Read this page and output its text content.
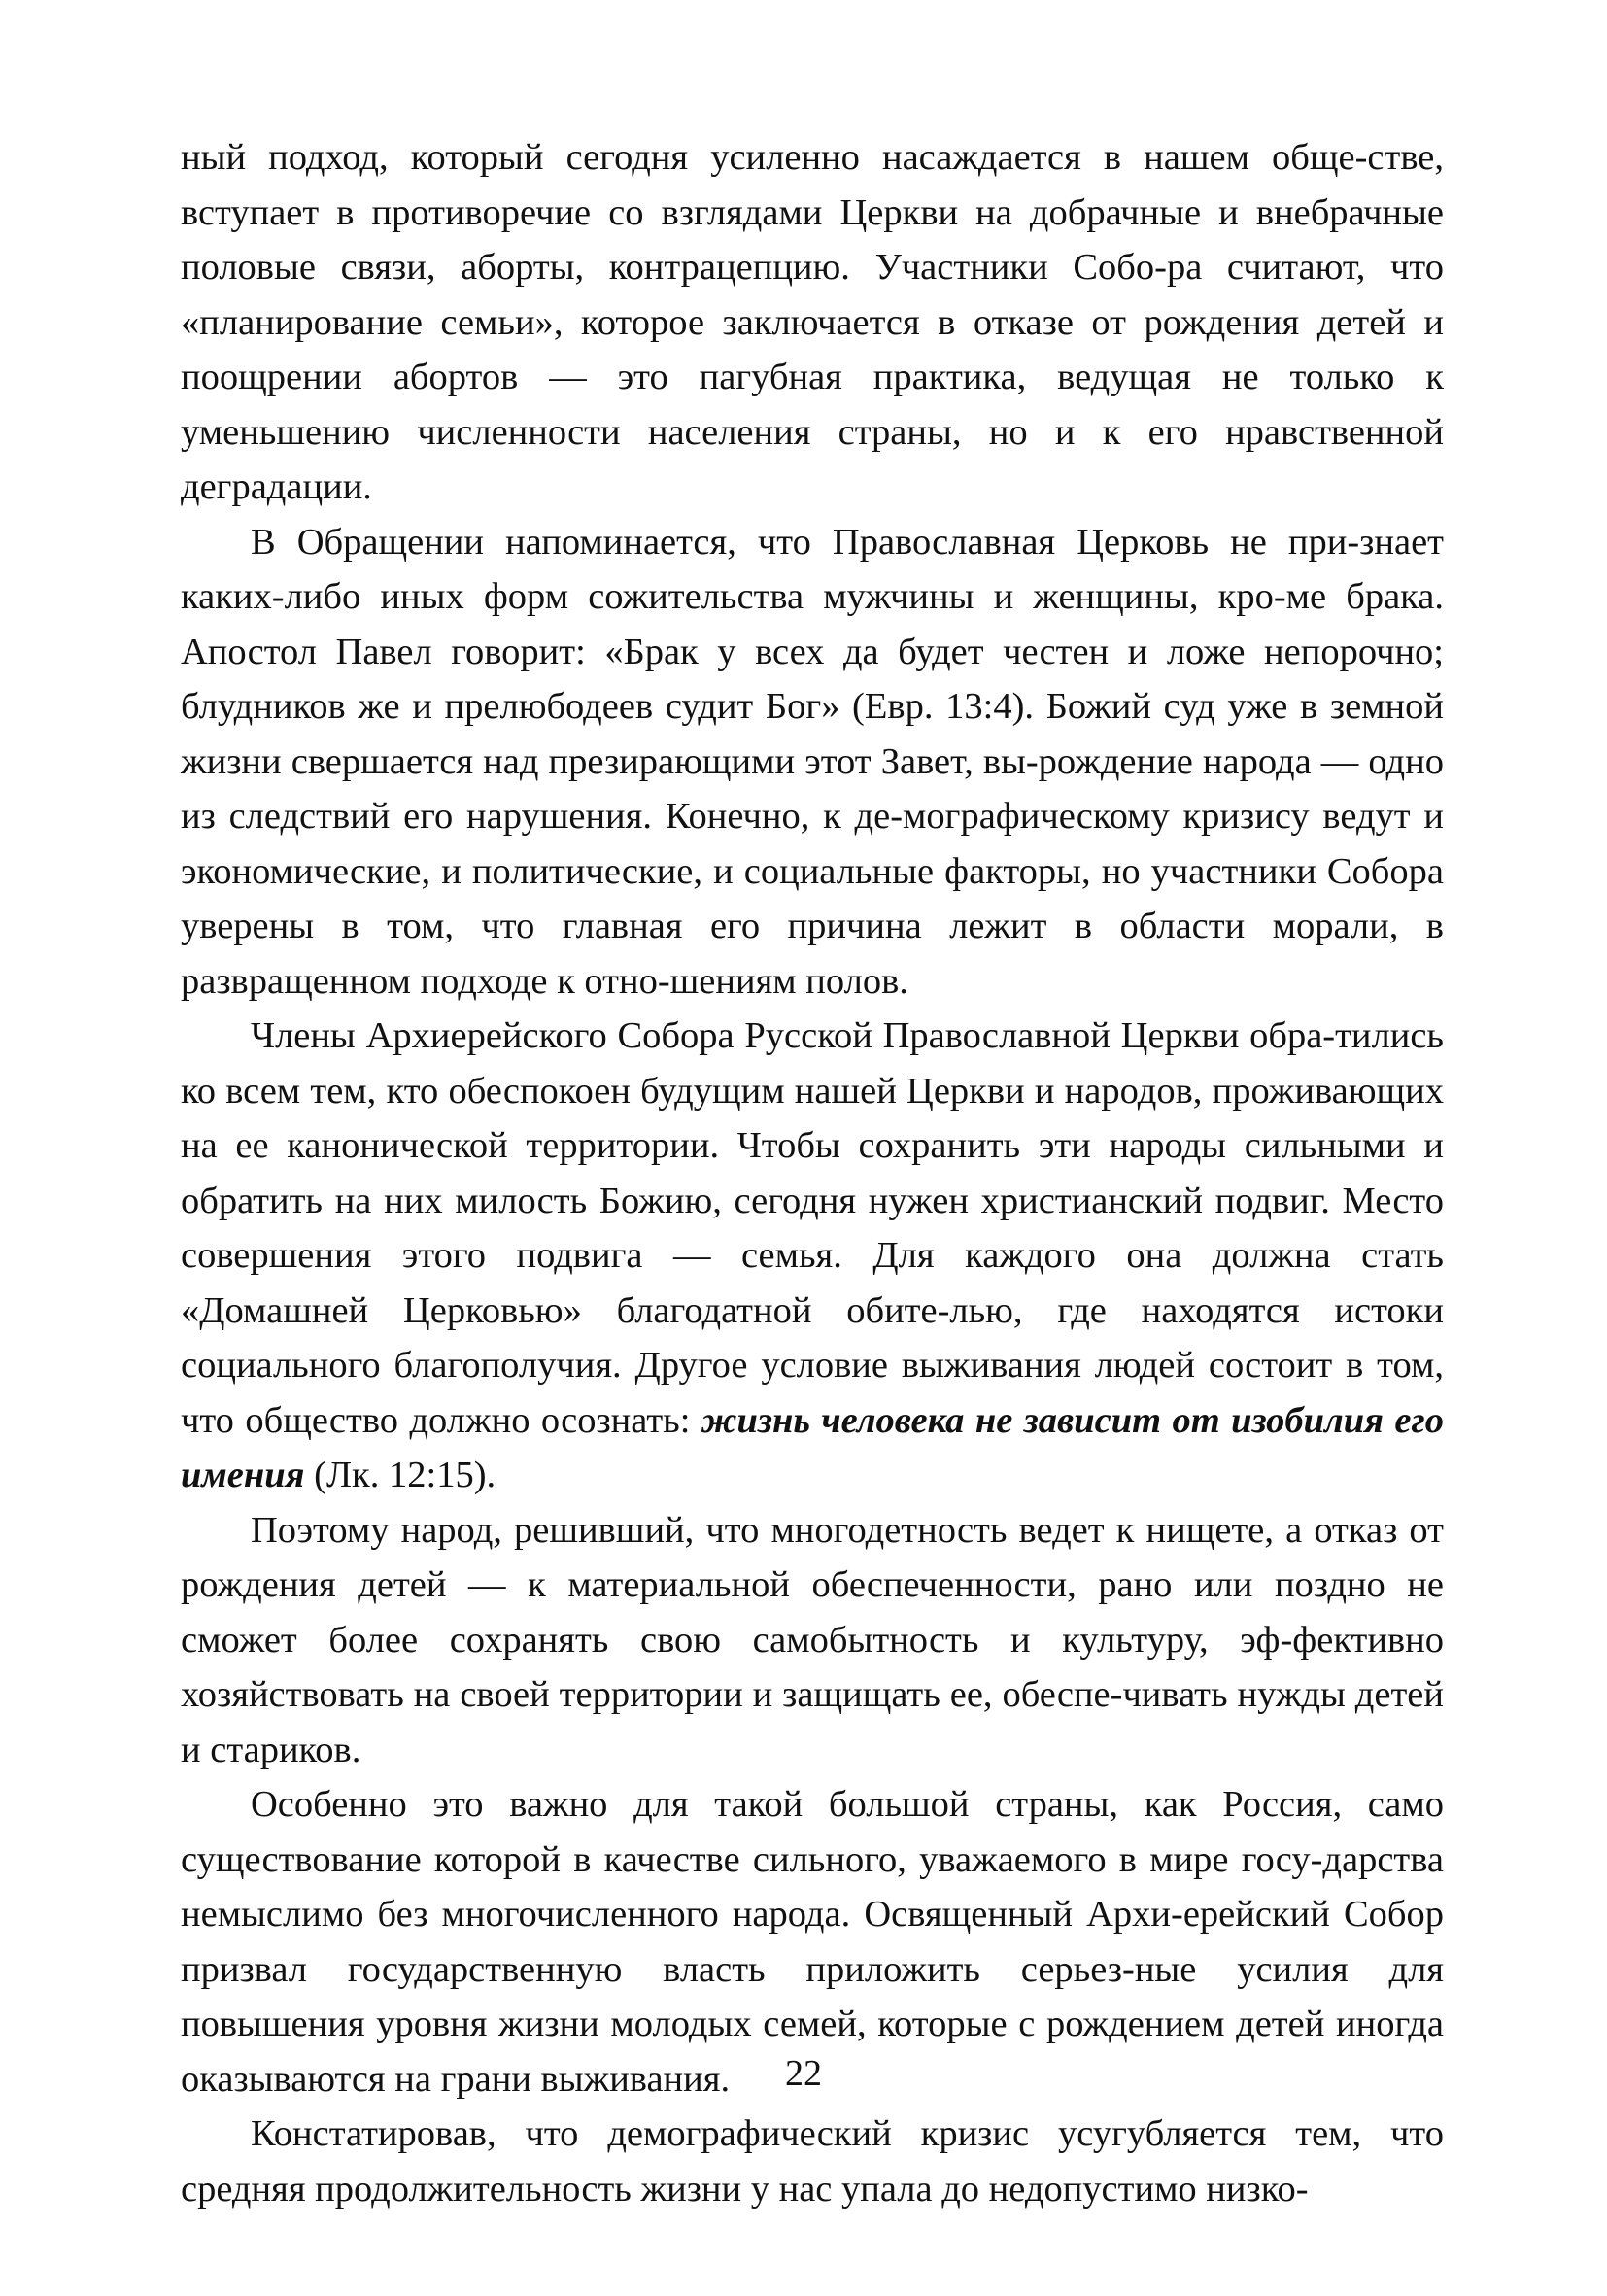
ный подход, который сегодня усиленно насаждается в нашем обще-стве, вступает в противоречие со взглядами Церкви на добрачные и внебрачные половые связи, аборты, контрацепцию. Участники Собо-ра считают, что «планирование семьи», которое заключается в отказе от рождения детей и поощрении абортов — это пагубная практика, ведущая не только к уменьшению численности населения страны, но и к его нравственной деградации.

В Обращении напоминается, что Православная Церковь не при-знает каких-либо иных форм сожительства мужчины и женщины, кро-ме брака. Апостол Павел говорит: «Брак у всех да будет честен и ложе непорочно; блудников же и прелюбодеев судит Бог» (Евр. 13:4). Божий суд уже в земной жизни свершается над презирающими этот Завет, вы-рождение народа — одно из следствий его нарушения. Конечно, к де-мографическому кризису ведут и экономические, и политические, и социальные факторы, но участники Собора уверены в том, что главная его причина лежит в области морали, в развращенном подходе к отно-шениям полов.

Члены Архиерейского Собора Русской Православной Церкви обра-тились ко всем тем, кто обеспокоен будущим нашей Церкви и народов, проживающих на ее канонической территории. Чтобы сохранить эти народы сильными и обратить на них милость Божию, сегодня нужен христианский подвиг. Место совершения этого подвига — семья. Для каждого она должна стать «Домашней Церковью» благодатной обите-лью, где находятся истоки социального благополучия. Другое условие выживания людей состоит в том, что общество должно осознать: жизнь человека не зависит от изобилия его имения (Лк. 12:15).

Поэтому народ, решивший, что многодетность ведет к нищете, а отказ от рождения детей — к материальной обеспеченности, рано или поздно не сможет более сохранять свою самобытность и культуру, эф-фективно хозяйствовать на своей территории и защищать ее, обеспе-чивать нужды детей и стариков.

Особенно это важно для такой большой страны, как Россия, само существование которой в качестве сильного, уважаемого в мире госу-дарства немыслимо без многочисленного народа. Освященный Архи-ерейский Собор призвал государственную власть приложить серьез-ные усилия для повышения уровня жизни молодых семей, которые с рождением детей иногда оказываются на грани выживания.

Констатировав, что демографический кризис усугубляется тем, что средняя продолжительность жизни у нас упала до недопустимо низко-

22
